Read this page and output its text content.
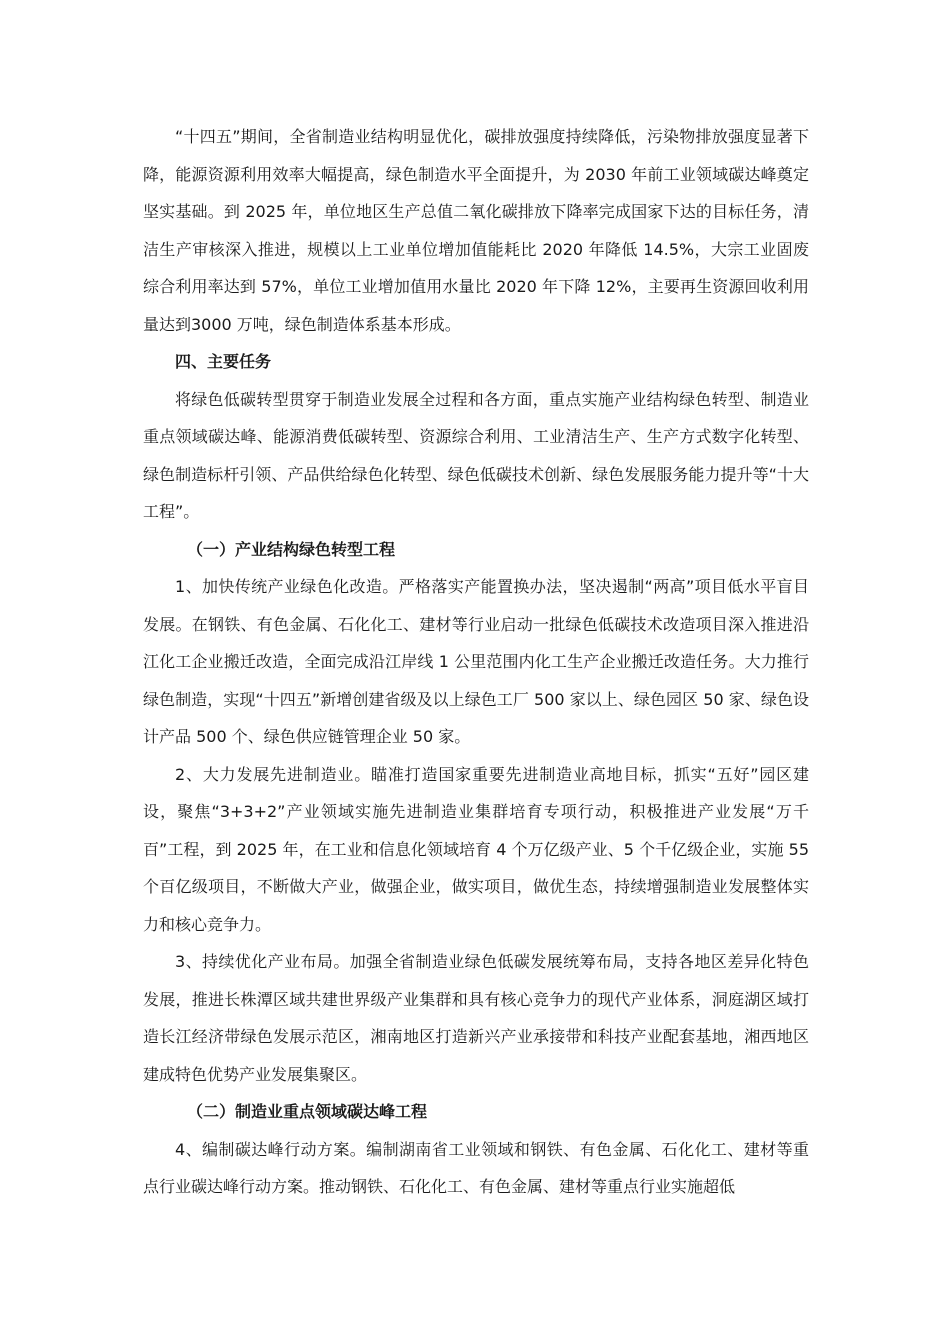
“十四五”期间，全省制造业结构明显优化，碳排放强度持续降低，污染物排放强度显著下降，能源资源利用效率大幅提高，绿色制造水平全面提升，为 2030 年前工业领域碳达峰奠定坚实基础。到 2025 年，单位地区生产总值二氧化碳排放下降率完成国家下达的目标任务，清洁生产审核深入推进，规模以上工业单位增加值能耗比 2020 年降低 14.5%，大宗工业固废综合利用率达到 57%，单位工业增加值用水量比 2020 年下降 12%，主要再生资源回收利用量达到3000 万吨，绿色制造体系基本形成。

四、主要任务

将绿色低碳转型贯穿于制造业发展全过程和各方面，重点实施产业结构绿色转型、制造业重点领域碳达峰、能源消费低碳转型、资源综合利用、工业清洁生产、生产方式数字化转型、绿色制造标杆引领、产品供给绿色化转型、绿色低碳技术创新、绿色发展服务能力提升等“十大工程”。

（一）产业结构绿色转型工程

1、加快传统产业绿色化改造。严格落实产能置换办法，坚决遏制“两高”项目低水平盲目发展。在钢铁、有色金属、石化化工、建材等行业启动一批绿色低碳技术改造项目深入推进沿江化工企业搬迁改造，全面完成沿江岸线 1 公里范围内化工生产企业搬迁改造任务。大力推行绿色制造，实现“十四五”新增创建省级及以上绿色工厂 500 家以上、绿色园区 50 家、绿色设计产品 500 个、绿色供应链管理企业 50 家。

2、大力发展先进制造业。瞄准打造国家重要先进制造业高地目标，抓实“五好”园区建设，聚焦“3+3+2”产业领域实施先进制造业集群培育专项行动，积极推进产业发展“万千百”工程，到 2025 年，在工业和信息化领域培育 4 个万亿级产业、5 个千亿级企业，实施 55 个百亿级项目，不断做大产业，做强企业，做实项目，做优生态，持续增强制造业发展整体实力和核心竞争力。

3、持续优化产业布局。加强全省制造业绿色低碳发展统筹布局，支持各地区差异化特色发展，推进长株潭区域共建世界级产业集群和具有核心竞争力的现代产业体系，洞庭湖区域打造长江经济带绿色发展示范区，湘南地区打造新兴产业承接带和科技产业配套基地，湘西地区建成特色优势产业发展集聚区。

（二）制造业重点领域碳达峰工程

4、编制碳达峰行动方案。编制湖南省工业领域和钢铁、有色金属、石化化工、建材等重点行业碳达峰行动方案。推动钢铁、石化化工、有色金属、建材等重点行业实施超低
